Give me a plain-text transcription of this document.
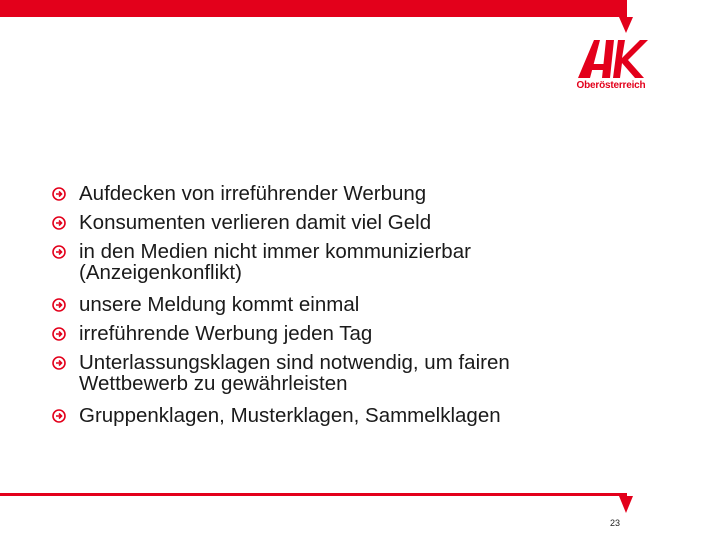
Oberösterreich
Aufdecken von irreführender Werbung
Konsumenten verlieren damit viel Geld
in den Medien nicht immer kommunizierbar
(Anzeigenkonflikt)
unsere Meldung kommt einmal
irreführende Werbung jeden Tag
Unterlassungsklagen sind notwendig, um fairen
Wettbewerb zu gewährleisten
Gruppenklagen, Musterklagen, Sammelklagen
23
